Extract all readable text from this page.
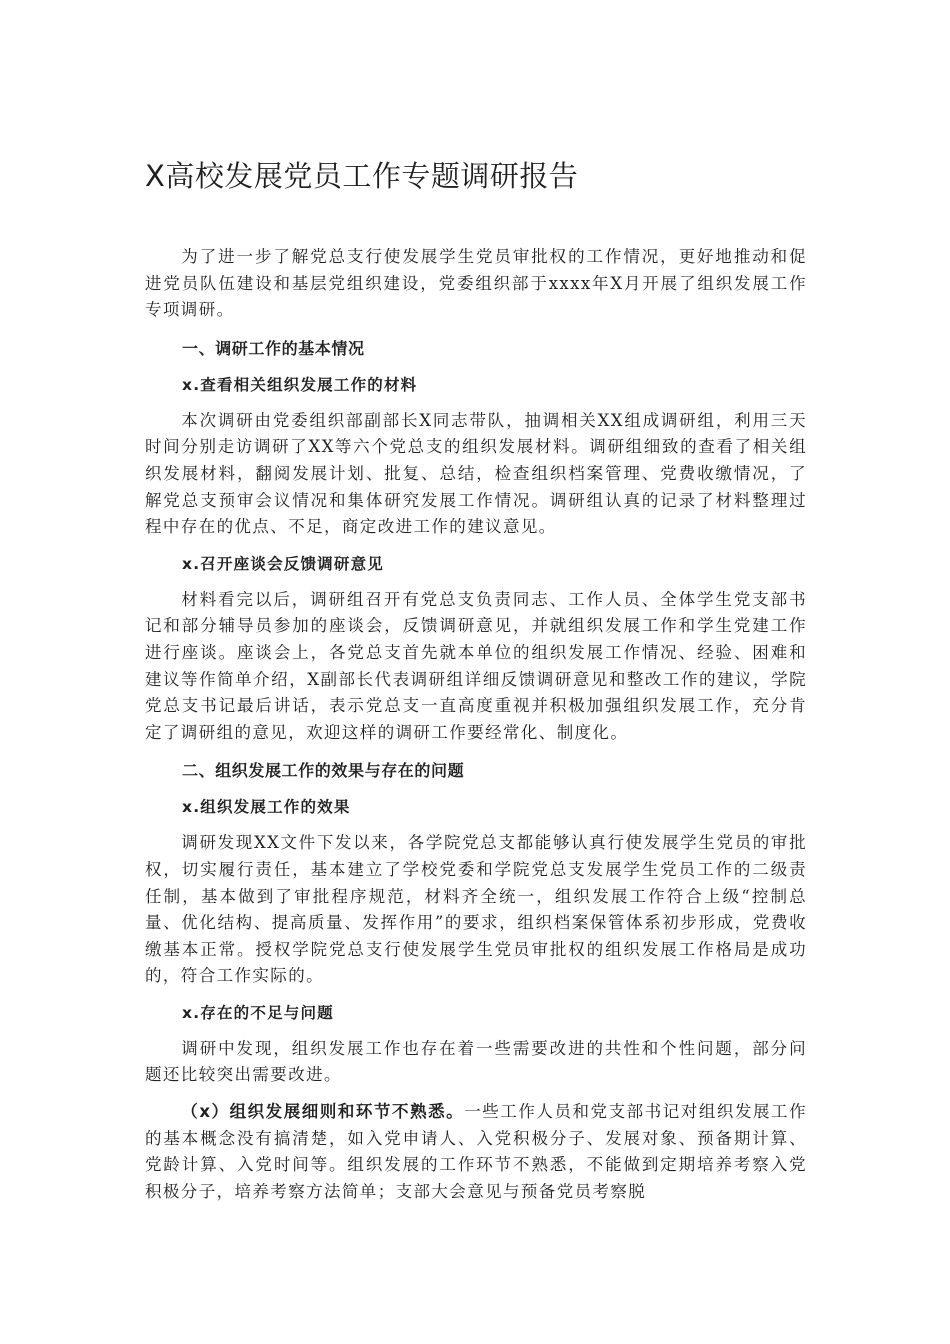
X高校发展党员工作专题调研报告

为了进一步了解党总支行使发展学生党员审批权的工作情况，更好地推动和促进党员队伍建设和基层党组织建设，党委组织部于xxxx年X月开展了组织发展工作专项调研。

一、调研工作的基本情况
x.查看相关组织发展工作的材料

本次调研由党委组织部副部长X同志带队，抽调相关XX组成调研组，利用三天时间分别走访调研了XX等六个党总支的组织发展材料。调研组细致的查看了相关组织发展材料，翻阅发展计划、批复、总结，检查组织档案管理、党费收缴情况，了解党总支预审会议情况和集体研究发展工作情况。调研组认真的记录了材料整理过程中存在的优点、不足，商定改进工作的建议意见。

x.召开座谈会反馈调研意见

材料看完以后，调研组召开有党总支负责同志、工作人员、全体学生党支部书记和部分辅导员参加的座谈会，反馈调研意见，并就组织发展工作和学生党建工作进行座谈。座谈会上，各党总支首先就本单位的组织发展工作情况、经验、困难和建议等作简单介绍，X副部长代表调研组详细反馈调研意见和整改工作的建议，学院党总支书记最后讲话，表示党总支一直高度重视并积极加强组织发展工作，充分肯定了调研组的意见，欢迎这样的调研工作要经常化、制度化。

二、组织发展工作的效果与存在的问题
x.组织发展工作的效果

调研发现XX文件下发以来，各学院党总支都能够认真行使发展学生党员的审批权，切实履行责任，基本建立了学校党委和学院党总支发展学生党员工作的二级责任制，基本做到了审批程序规范，材料齐全统一，组织发展工作符合上级“控制总量、优化结构、提高质量、发挥作用”的要求，组织档案保管体系初步形成，党费收缴基本正常。授权学院党总支行使发展学生党员审批权的组织发展工作格局是成功的，符合工作实际的。

x.存在的不足与问题

调研中发现，组织发展工作也存在着一些需要改进的共性和个性问题，部分问题还比较突出需要改进。

（x）组织发展细则和环节不熟悉。一些工作人员和党支部书记对组织发展工作的基本概念没有搞清楚，如入党申请人、入党积极分子、发展对象、预备期计算、党龄计算、入党时间等。组织发展的工作环节不熟悉，不能做到定期培养考察入党积极分子，培养考察方法简单；支部大会意见与预备党员考察脱
